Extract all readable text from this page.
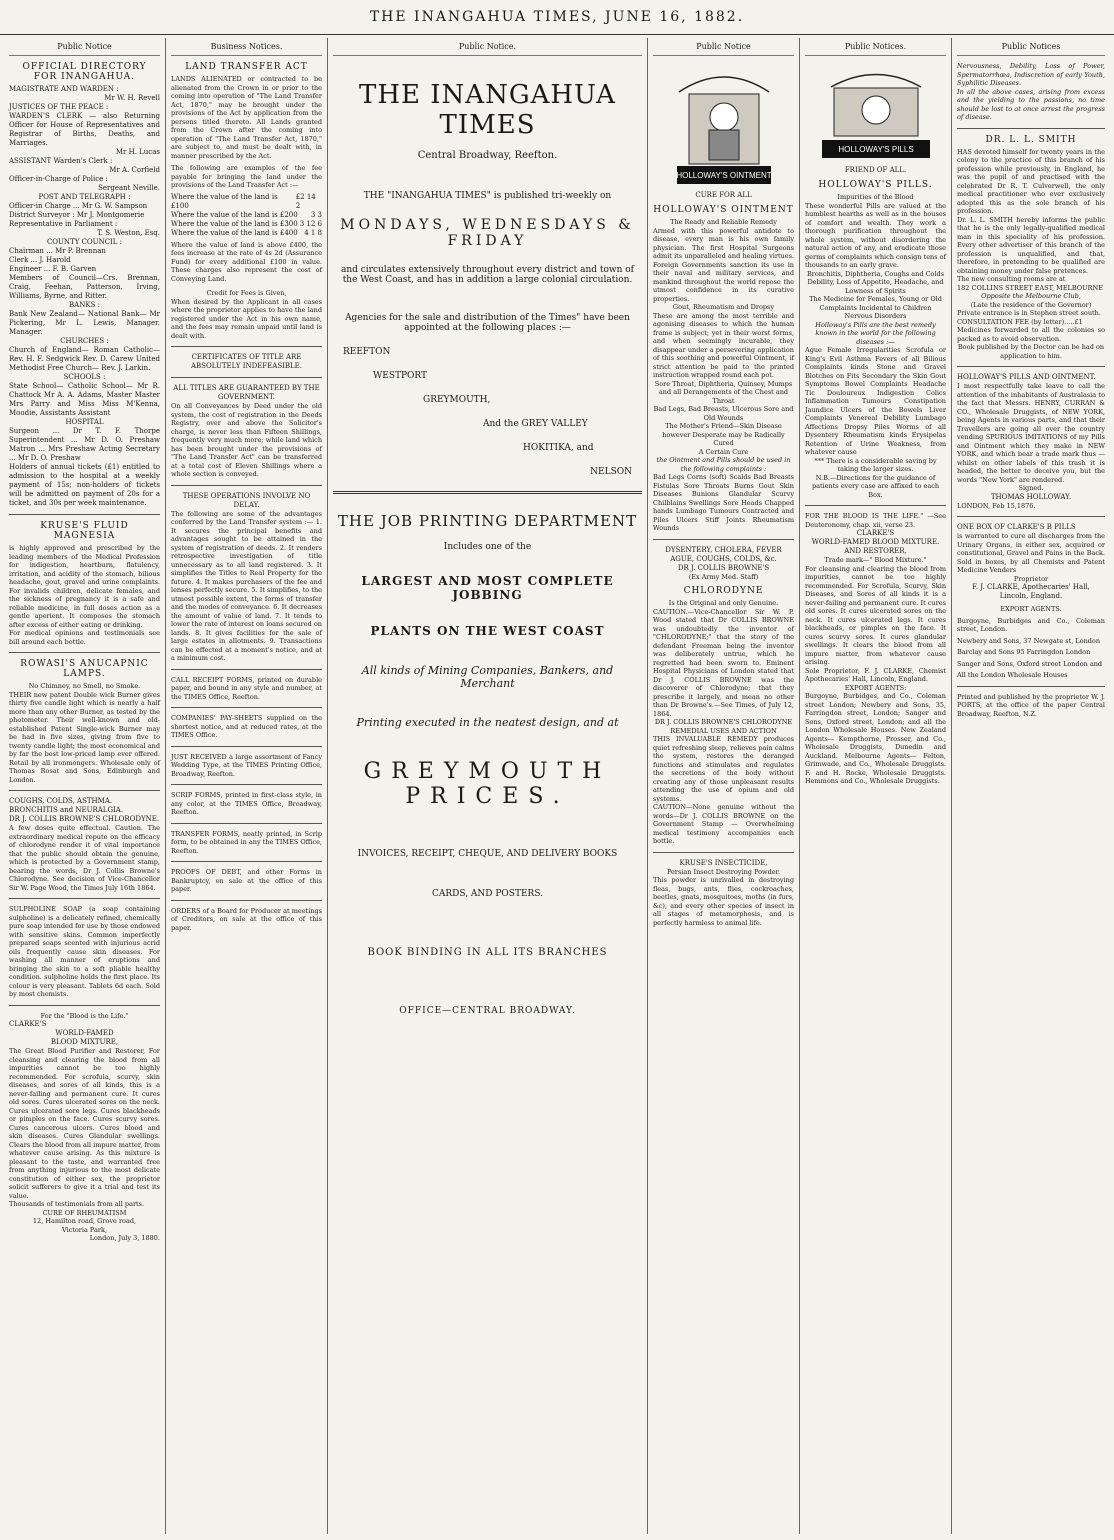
THE INANGAHUA TIMES, JUNE 16, 1882.
Public Notice
OFFICIAL DIRECTORY FOR INANGAHUA.
MAGISTRATE AND WARDEN :
Mr W. H. Revell
JUSTICES OF THE PEACE :
WARDEN'S CLERK — also Returning Officer for House of Representatives and Registrar of Births, Deaths, and Marriages.
Mr H. Lucas
ASSISTANT Warden's Clerk :
Mr A. Corfield
Officer-in-Charge of Police :
Sergeant Neville.
POST AND TELEGRAPH :
Officer-in Charge ... Mr G. W. Sampson
District Surveyor : Mr J. Montgomerie
Representative in Parliament :
T. S. Weston, Esq.
COUNTY COUNCIL :
Chairman ... Mr P. Brennan
Clerk ... J. Harold
Engineer ... F. B. Garven
Members of Council—Crs. Brennan, Craig, Feehan, Patterson, Irving, Williams, Byrne, and Ritter.
BANKS :
Bank New Zealand— National Bank— Mr Pickering, Mr L. Lewis, Manager. Manager.
CHURCHES :
Church of England— Roman Catholic— Rev. H. F. Sedgwick Rev. D. Carew United Methodist Free Church— Rev. J. Larkin.
SCHOOLS :
State School— Catholic School— Mr R. Chattock Mr A. A. Adams, Master Master Mrs Parry and Miss Miss M'Kenna, Moodie, Assistants Assistant
HOSPITAL
Surgeon ... Dr T. F. Thorpe Superintendent ... Mr D. O. Preshaw Matron ... Mrs Preshaw Acting Secretary ... Mr D. O. Preshaw
Holders of annual tickets (£1) entitled to admission to the hospital at a weekly payment of 15s; non-holders of tickets will be admitted on payment of 20s for a ticket, and 30s per week maintenance.
KRUSE'S FLUID MAGNESIA
is highly approved and prescribed by the leading members of the Medical Profession for indigestion, heartburn, flatulency, irritation, and acidity of the stomach, bilious headache, gout, gravel and urine complaints. For invalids children, delicate females, and the sickness of pregnancy it is a safe and reliable medicine, in full doses action as a gentle aperient. It composes the stomach after excess of either eating or drinking.
For medical opinions and testimonials see bill around each bottle.
ROWASI'S ANUCAPNIC LAMPS.
No Chimney, no Smell, no Smoke.
THEIR new patent Double wick Burner gives thirty five candle light which is nearly a half more than any other Burner, as tested by the photometer. Their well-known and old-established Patent Single-wick Burner may be had in five sizes, giving from five to twenty candle light; the most economical and by far the best low-priced lamp ever offered. Retail by all ironmongers. Wholesale only of Thomas Rosat and Sons, Edinburgh and London.
COUGHS, COLDS, ASTHMA.
BRONCHITIS and NEURALGIA.
DR J. COLLIS BROWNE'S CHLORODYNE.
A few doses quite effectual. Caution. The extraordinary medical repute on the efficacy of chlorodyne render it of vital importance that the public should obtain the genuine, which is protected by a Government stamp, bearing the words, Dr J. Collis Browne's Chlorodyne. See decision of Vice-Chancellor Sir W. Page Wood, the Times July 16th 1864.
SULPHOLINE SOAP (a soap containing sulpholine) is a delicately refined, chemically pure soap intended for use by those endowed with sensitive skins. Common imperfectly prepared soaps scented with injurious acrid oils frequently cause skin diseases. For washing all manner of eruptions and bringing the skin to a soft pliable healthy condition. sulpholine holds the first place. Its colour is very pleasant. Tablets 6d each. Sold by most chemists.
For the "Blood is the Life."
CLARKE'S
WORLD-FAMED
BLOOD MIXTURE,
The Great Blood Purifier and Restorer, For cleansing and clearing the blood from all impurities cannot be too highly recommended. For scrofula, scurvy, skin diseases, and sores of all kinds, this is a never-failing and permanent cure. It cures old sores. Cures ulcerated sores on the neck. Cures ulcerated sore legs. Cures blackheads or pimples on the face. Cures scurvy sores. Cures cancerous ulcers. Cures blood and skin diseases. Cures Glandular swellings. Clears the blood from all impure matter, from whatever cause arising. As this mixture is pleasant to the taste, and warranted free from anything injurious to the most delicate constitution of either sex, the proprietor solicit sufferers to give it a trial and test its value.
Thousands of testimonials from all parts.
CURE OF RHEUMATISM
12, Hamilton road, Grove road,
Victoria Park,
London, July 3, 1880.
Business Notices.
LAND TRANSFER ACT
LANDS ALIENATED or contracted to be alienated from the Crown in or prior to the coming into operation of "The Land Transfer Act, 1870," may be brought under the provisions of the Act by application from the persons titled thereto. All Lands granted from the Crown after the coming into operation of "The Land Transfer Act, 1870," are subject to, and must be dealt with, in manner prescribed by the Act.
The following are examples of the fee payable for bringing the land under the provisions of the Land Transfer Act :—
Where the value of the land is £100
£2 14 2
Where the value of the land is £200 3 3
Where the value of the land is £300 3 12 6
Where the value of the land is £400 4 1 8
Where the value of land is above £400, the fees increase at the rate of 4s 2d (Assurance Fund) for every additional £100 in value. These charges also represent the cost of Conveying Land.
Credit for Fees is Given,
When desired by the Applicant in all cases where the proprietor applies to have the land registered under the Act in his own name, and the fees may remain unpaid until land is dealt with.
CERTIFICATES OF TITLE ARE ABSOLUTELY INDEFEASIBLE.
ALL TITLES ARE GUARANTEED BY THE GOVERNMENT.
On all Conveyances by Deed under the old system, the cost of registration in the Deeds Registry, over and above the Solicitor's charge, is never less than Fifteen Shillings, frequently very much more; while land which has been brought under the provisions of "The Land Transfer Act" can be transferred at a total cost of Eleven Shillings where a whole section is conveyed.
THESE OPERATIONS INVOLVE NO DELAY.
The following are some of the advantages conferred by the Land Transfer system :— 1. It secures the principal benefits and advantages sought to be attained in the system of registration of deeds. 2. It renders retrospective investigation of title unnecessary as to all land registered. 3. It simplifies the Titles to Real Property for the future. 4. It makes purchasers of the fee and lenses perfectly secure. 5. It simplifies, to the utmost possible extent, the forms of transfer and the modes of conveyance. 6. It decreases the amount of value of land. 7. It tends to lower the rate of interest on loans secured on lands. 8. It gives facilities for the sale of large estates in allotments. 9. Transactions can be effected at a moment's notice, and at a minimum cost.
CALL RECEIPT FORMS, printed on durable paper, and bound in any style and number, at the TIMES Office, Reefton.
COMPANIES' PAY-SHEETS supplied on the shortest notice, and at reduced rates, at the TIMES Office.
JUST RECEIVED a large assortment of Fancy Wedding Type, at the TIMES Printing Office, Broadway, Reefton.
SCRIP FORMS, printed in first-class style, in any color, at the TIMES Office, Broadway, Reefton.
TRANSFER FORMS, neatly printed, in Scrip form, to be obtained in any the TIMES Office, Reefton.
PROOFS OF DEBT, and other Forms in Bankruptcy, on sale at the office of this paper.
ORDERS of a Board for Producer at meetings of Creditors, on sale at the office of this paper.
Public Notice.
THE INANGAHUA TIMES
Central Broadway, Reefton.
THE "INANGAHUA TIMES" is published tri-weekly on
MONDAYS, WEDNESDAYS & FRIDAY
and circulates extensively throughout every district and town of the West Coast, and has in addition a large colonial circulation.
Agencies for the sale and distribution of the Times" have been appointed at the following places :—
REEFTON
WESTPORT
GREYMOUTH,
And the GREY VALLEY
HOKITIKA, and
NELSON
THE JOB PRINTING DEPARTMENT
Includes one of the
LARGEST AND MOST COMPLETE JOBBING
PLANTS ON THE WEST COAST
All kinds of Mining Companies, Bankers, and Merchant
Printing executed in the neatest design, and at
GREYMOUTH PRICES.
INVOICES, RECEIPT, CHEQUE, AND DELIVERY BOOKS
CARDS, AND POSTERS.
BOOK BINDING IN ALL ITS BRANCHES
OFFICE—CENTRAL BROADWAY.
Public Notice
HOLLOWAY'S OINTMENT
CURE FOR ALL
HOLLOWAY'S OINTMENT
The Ready and Reliable Remedy
Armed with this powerful antidote to disease, every man is his own family physician. The first Hospital Surgeons admit its unparalleled and healing virtues. Foreign Governments sanction its use in their naval and military services, and mankind throughout the world repose the utmost confidence in its curative properties.
Gout, Rheumatism and Dropsy
These are among the most terrible and agonising diseases to which the human frame is subject; yet in their worst forms, and when seemingly incurable, they disappear under a persevering application of this soothing and powerful Ointment, if strict attention be paid to the printed instruction wrapped round each pot.
Sore Throat, Diphtheria, Quinsey, Mumps and all Derangements of the Chest and Throat
Bad Legs, Bad Breasts, Ulcerous Sore and Old Wounds
The Mother's Friend—Skin Disease however Desperate may be Radically Cured
A Certain Cure
the Ointment and Pills should be used in the following complaints :
Bad Legs Corns (soft) Scalds Bad Breasts Fistulas Sore Throats Burns Gout Skin Diseases Bunions Glandular Scurvy Chilblains Swellings Sore Heads Chapped hands Lumbago Tumours Contracted and Piles Ulcers Stiff Joints Rheumatism Wounds
DYSENTERY, CHOLERA, FEVER AGUE, COUGHS, COLDS, &c.
DR J. COLLIS BROWNE'S
(Ex Army Med. Staff)
CHLORODYNE
Is the Original and only Genuine.
CAUTION.—Vice-Chancellor Sir W. P. Wood stated that Dr COLLIS BROWNE was undoubtedly the inventor of "CHLORODYNE;" that the story of the defendant Freeman being the inventor was deliberately untrue, which he regretted had been sworn to. Eminent Hospital Physicians of London stated that Dr J. COLLIS BROWNE was the discoverer of Chlorodyne; that they prescribe it largely, and mean no other than Dr Browne's.—See Times, of July 12, 1864.
DR J. COLLIS BROWNE'S CHLORODYNE REMEDIAL USES AND ACTION
THIS INVALUABLE REMEDY produces quiet refreshing sleep, relieves pain calms the system, restores the deranged functions and stimulates and regulates the secretions of the body without creating any of those unpleasant results attending the use of opium and old systems.
CAUTION—None genuine without the words—Dr J. COLLIS BROWNE on the Government Stamp — Overwhelming medical testimony accompanies each bottle.
KRUSE'S INSECTICIDE,
Persian Insect Destroying Powder.
This powder is unrivalled in destroying fleas, bugs, ants, flies, cockroaches, beetles, gnats, mosquitoes, moths (in furs, &c), and every other species of insect in all stages of metamorphosis, and is perfectly harmless to animal life.
Public Notices.
HOLLOWAY'S PILLS
FRIEND OF ALL.
HOLLOWAY'S PILLS.
Impurities of the Blood
These wonderful Pills are valued at the humblest hearths as well as in the houses of comfort and wealth. They work a thorough purification throughout the whole system, without disordering the natural action of any, and eradicate those germs of complaints which consign tens of thousands to an early grave.
Bronchitis, Diphtheria, Coughs and Colds
Debility, Loss of Appetite, Headache, and Lowness of Spirits
The Medicine for Females, Young or Old
Complaints Incidental to Children
Nervous Disorders
Holloway's Pills are the best remedy known in the world for the following diseases :—
Ague Female Irregularities Scrofula or King's Evil Asthma Fevers of all Bilious Complaints kinds Stone and Gravel Blotches on Fits Secondary the Skin Gout Symptoms Bowel Complaints Headache Tic Douloureux Indigestion Colics Inflammation Tumours Constipation Jaundice Ulcers of the Bowels Liver Complaints Venereal Debility Lumbago Affections Dropsy Piles Worms of all Dysentery Rheumatism kinds Erysipelas Retention of Urine Weakness, from whatever cause
*** There is a considerable saving by taking the larger sizes.
N.B.—Directions for the guidance of patients every case are affixed to each Box.
FOR THE BLOOD IS THE LIFE." —See Deuteronomy, chap. xii, verse 23.
CLARKE'S
WORLD-FAMED BLOOD MIXTURE.
AND RESTORER,
Trade mark—" Blood Mixture."
For cleansing and clearing the blood from impurities, cannot be too highly recommended. For Scrofula, Scurvy, Skin Diseases, and Sores of all kinds it is a never-failing and permanent cure. It cures old sores. It cures ulcerated sores on the neck. It cures ulcerated legs. It cures blackheads, or pimples on the face. It cures scurvy sores. It cures glandular swellings. It clears the blood from all impure matter, from whatever cause arising.
Sole Proprietor, F. J. CLARKE, Chemist Apothecaries' Hall, Lincoln, England.
EXPORT AGENTS:
Burgoyne, Burbidges, and Co., Coleman street London; Newbery and Sons, 35, Farringdon street, London; Sanger and Sons, Oxford street, London; and all the London Wholesale Houses. New Zealand Agents— Kempthorne, Prosser, and Co., Wholesale Druggists, Dunedin and Auckland. Melbourne Agents— Felton, Grimwade, and Co., Wholesale Druggists. F. and H. Rocke, Wholesale Druggists. Hemmons and Co., Wholesale Druggists.
Public Notices
Nervousness, Debility, Loss of Power, Spermatorrhœa, Indiscretion of early Youth, Syphilitic Diseases.
In all the above cases, arising from excess and the yielding to the passions, no time should be lost to at once arrest the progress of disease.
DR. L. L. SMITH
HAS devoted himself for twenty years in the colony to the practice of this branch of his profession while previously, in England, he was the pupil of and practised with the celebrated Dr R. T. Culverwell, the only medical practitioner who ever exclusively adopted this as the sole branch of his profession.
Dr. L. L. SMITH hereby informs the public that he is the only legally-qualified medical man in this speciality of his profession. Every other advertiser of this branch of the profession is unqualified, and that, therefore, in pretending to be qualified are obtaining money under false pretences.
The new consulting rooms are at
182 COLLINS STREET EAST, MELBOURNE
Opposite the Melbourne Club,
(Late the residence of the Governor)
Private entrance is in Stephen street south.
CONSULTATION FEE (by letter).....£1
Medicines forwarded to all the colonies so packed as to avoid observation.
Book published by the Doctor can be had on application to him.
HOLLOWAY'S PILLS AND OINTMENT.
I most respectfully take leave to call the attention of the inhabitants of Australasia to the fact that Messrs. HENRY, CURRAN & CO., Wholesale Druggists, of NEW YORK, being Agents in various parts, and that their Travellers are going all over the country vending SPURIOUS IMITATIONS of my Pills and Ointment which they make in NEW YORK, and which bear a trade mark thus — whilst on other labels of this trash it is headed, the better to deceive you, but the words "New York" are rendered.
Signed.
THOMAS HOLLOWAY.
LONDON, Feb 15,1876.
ONE BOX OF CLARKE'S B PILLS
is warranted to cure all discharges from the Urinary Organs, in either sex, acquired or constitutional, Gravel and Pains in the Back. Sold in boxes, by all Chemists and Patent Medicine Venders
Proprietor
F. J. CLARKE, Apothecaries' Hall,
Lincoln, England.
EXPORT AGENTS.
Burgoyne, Burbidges and Co., Coleman street, London.
Newbery and Sons, 37 Newgate st, London
Barclay and Sons 95 Farringdon London
Sanger and Sons, Oxford street London and
All the London Wholesale Houses
Printed and published by the proprietor W. J. PORTS, at the office of the paper Central Broadway, Reefton, N.Z.
